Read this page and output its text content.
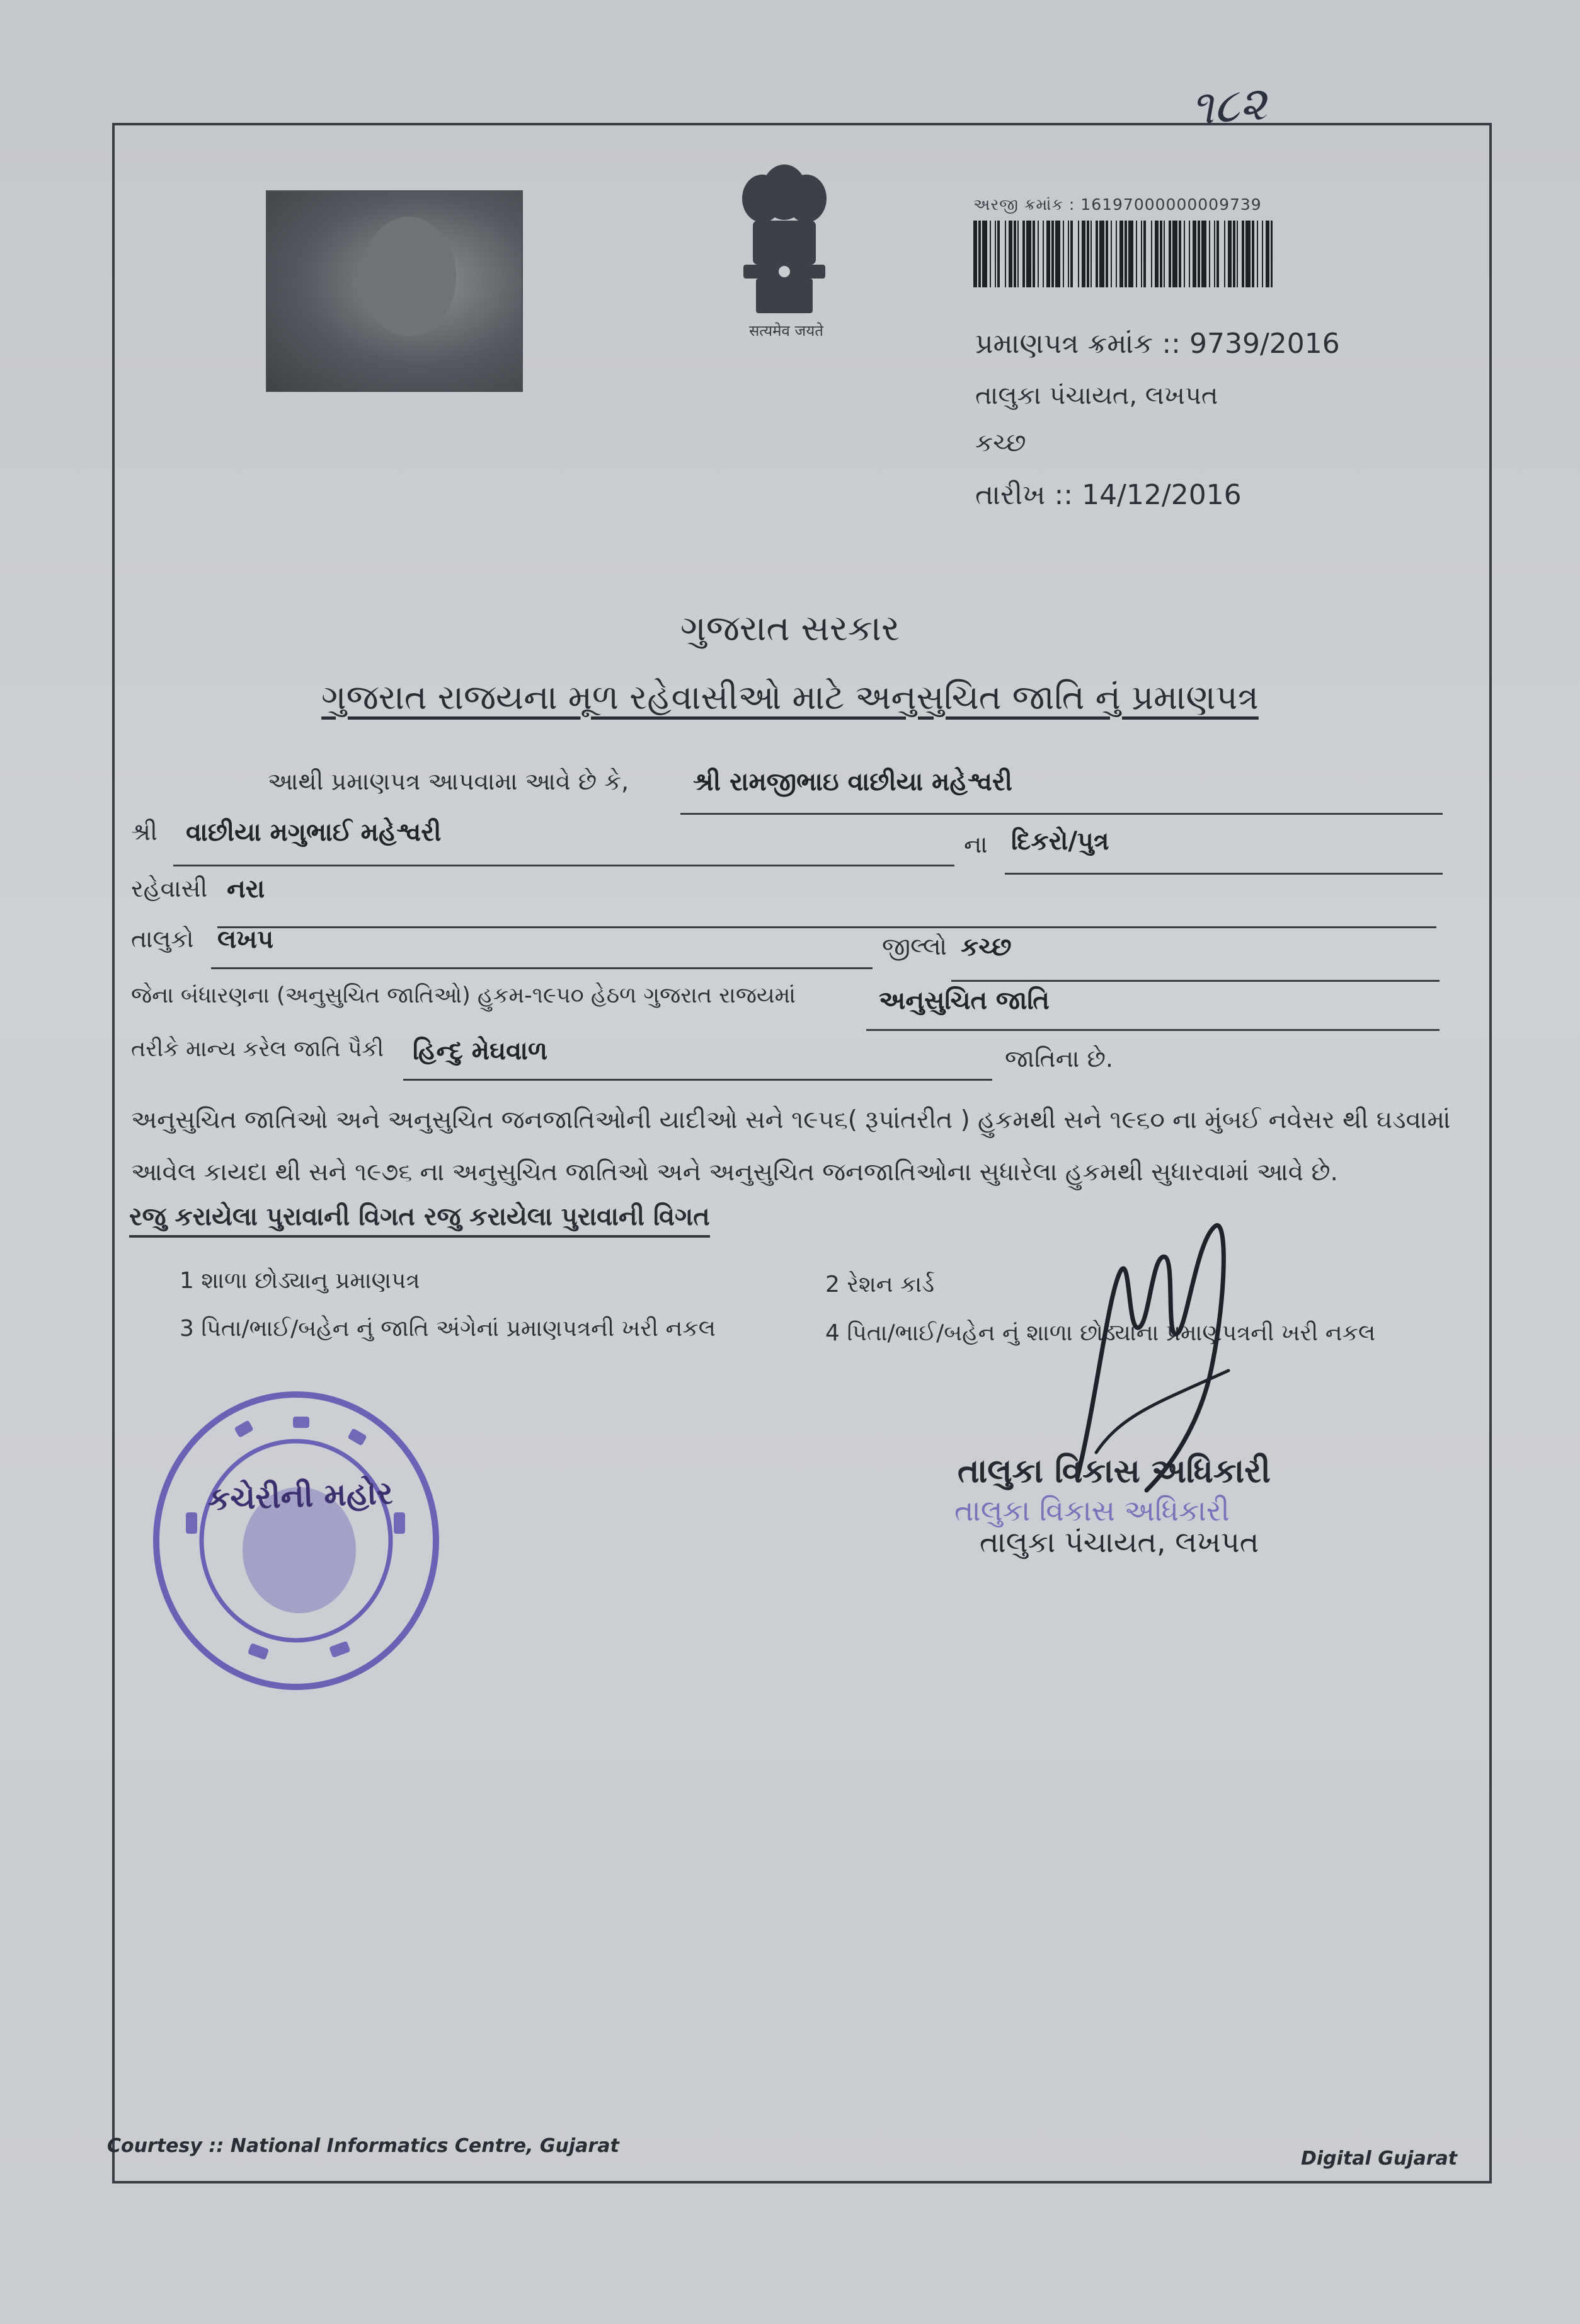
૧૮૨
सत्यमेव जयते
અરજી ક્રમાંક : 16197000000009739
પ્રમાણપત્ર ક્રમાંક :: 9739/2016
તાલુકા પંચાયત, લખપત
કચ્છ
તારીખ :: 14/12/2016
ગુજરાત સરકાર
ગુજરાત રાજયના મૂળ રહેવાસીઓ માટે અનુસુચિત જાતિ નું પ્રમાણપત્ર
આથી પ્રમાણપત્ર આપવામા આવે છે કે,	શ્રી રામજીભાઇ વાછીયા મહેશ્વરી
શ્રી વાછીયા મગુભાઈ મહેશ્વરી	ના દિકરો/પુત્ર
રહેવાસી નરા
તાલુકો લખપ	જીલ્લો કચ્છ
જેના બંધારણના (અનુસુચિત જાતિઓ) હુકમ-૧૯૫૦ હેઠળ ગુજરાત રાજયમાં	અનુસુચિત જાતિ
તરીકે માન્ય કરેલ જાતિ પૈકી હિન્દુ મેઘવાળ	જાતિના છે.
અનુસુચિત જાતિઓ અને અનુસુચિત જનજાતિઓની યાદીઓ સને ૧૯૫૬( રૂપાંતરીત ) હુકમથી સને ૧૯૬૦ ના મુંબઈ નવેસર થી ઘડવામાં
આવેલ કાયદા થી સને ૧૯૭૬ ના અનુસુચિત જાતિઓ અને અનુસુચિત જનજાતિઓના સુધારેલા હુકમથી સુધારવામાં આવે છે.
રજુ કરાયેલા પુરાવાની વિગત રજુ કરાયેલા પુરાવાની વિગત
1 શાળા છોડ્યાનુ પ્રમાણપત્ર	2 રેશન કાર્ડ
3 પિતા/ભાઈ/બહેન નું જાતિ અંગેનાં પ્રમાણપત્રની ખરી નકલ	4 પિતા/ભાઈ/બહેન નું શાળા છોડ્યાના પ્રમાણપત્રની ખરી નકલ
કચેરીની મહોર	તાલુકા વિકાસ અધિકારી
તાલુકા વિકાસ અધિકારી
તાલુકા પંચાયત, લખપત
Courtesy :: National Informatics Centre, Gujarat
Digital Gujarat
